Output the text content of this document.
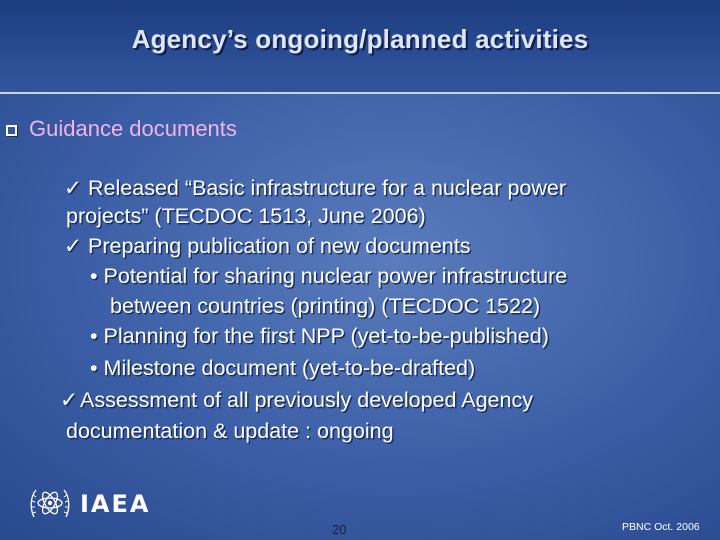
Agency’s ongoing/planned activities
Guidance documents
✓ Released “Basic infrastructure for a nuclear power
projects” (TECDOC 1513, June 2006)
✓ Preparing publication of new documents
• Potential for sharing nuclear power infrastructure
between countries (printing) (TECDOC 1522)
• Planning for the first NPP (yet-to-be-published)
• Milestone document (yet-to-be-drafted)
✓Assessment of all previously developed Agency
documentation & update : ongoing
IAEA
20	PBNC Oct. 2006
